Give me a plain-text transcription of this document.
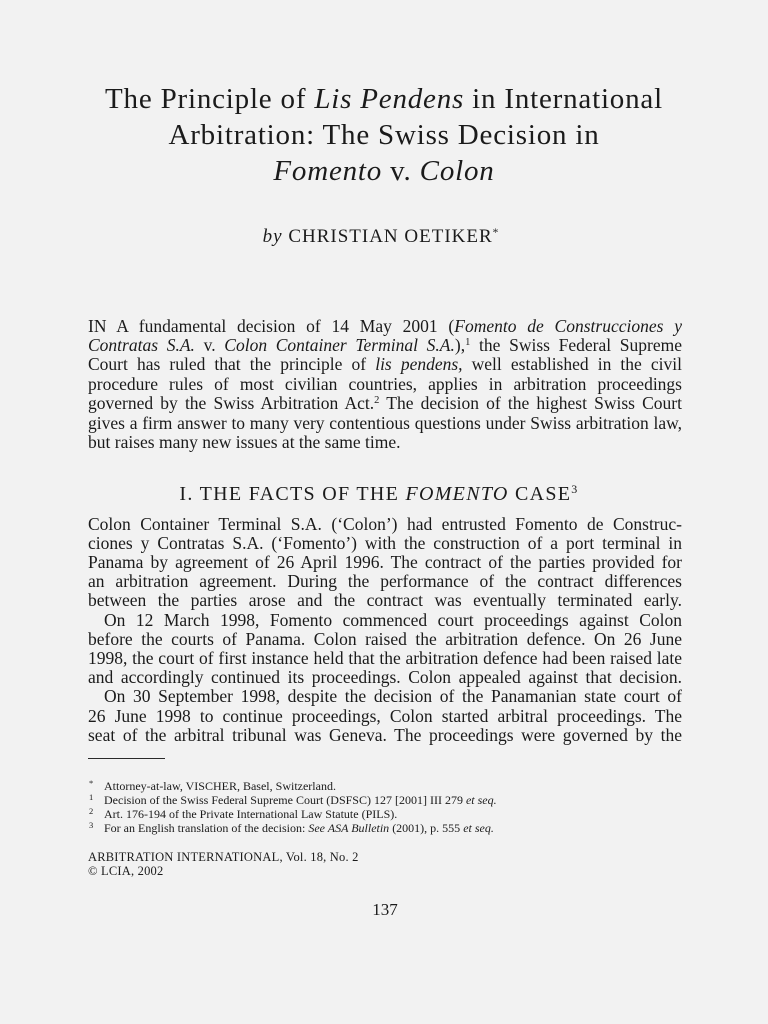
The Principle of Lis Pendens in International
Arbitration: The Swiss Decision in
Fomento v. Colon
by CHRISTIAN OETIKER*
IN A fundamental decision of 14 May 2001 (Fomento de Construcciones y
Contratas S.A. v. Colon Container Terminal S.A.),$^1$ the Swiss Federal Supreme
Court has ruled that the principle of lis pendens, well established in the civil
procedure rules of most civilian countries, applies in arbitration proceedings
governed by the Swiss Arbitration Act.$^2$ The decision of the highest Swiss Court
gives a firm answer to many very contentious questions under Swiss arbitration law,
but raises many new issues at the same time.
I. THE FACTS OF THE FOMENTO CASE$^3$
Colon Container Terminal S.A. (‘Colon’) had entrusted Fomento de Construc-
ciones y Contratas S.A. (‘Fomento’) with the construction of a port terminal in
Panama by agreement of 26 April 1996. The contract of the parties provided for
an arbitration agreement. During the performance of the contract differences
between the parties arose and the contract was eventually terminated early.
On 12 March 1998, Fomento commenced court proceedings against Colon
before the courts of Panama. Colon raised the arbitration defence. On 26 June
1998, the court of first instance held that the arbitration defence had been raised late
and accordingly continued its proceedings. Colon appealed against that decision.
On 30 September 1998, despite the decision of the Panamanian state court of
26 June 1998 to continue proceedings, Colon started arbitral proceedings. The
seat of the arbitral tribunal was Geneva. The proceedings were governed by the
* Attorney-at-law, VISCHER, Basel, Switzerland.
1 Decision of the Swiss Federal Supreme Court (DSFSC) 127 [2001] III 279 et seq.
2 Art. 176-194 of the Private International Law Statute (PILS).
3 For an English translation of the decision: See ASA Bulletin (2001), p. 555 et seq.
ARBITRATION INTERNATIONAL, Vol. 18, No. 2
© LCIA, 2002
137
